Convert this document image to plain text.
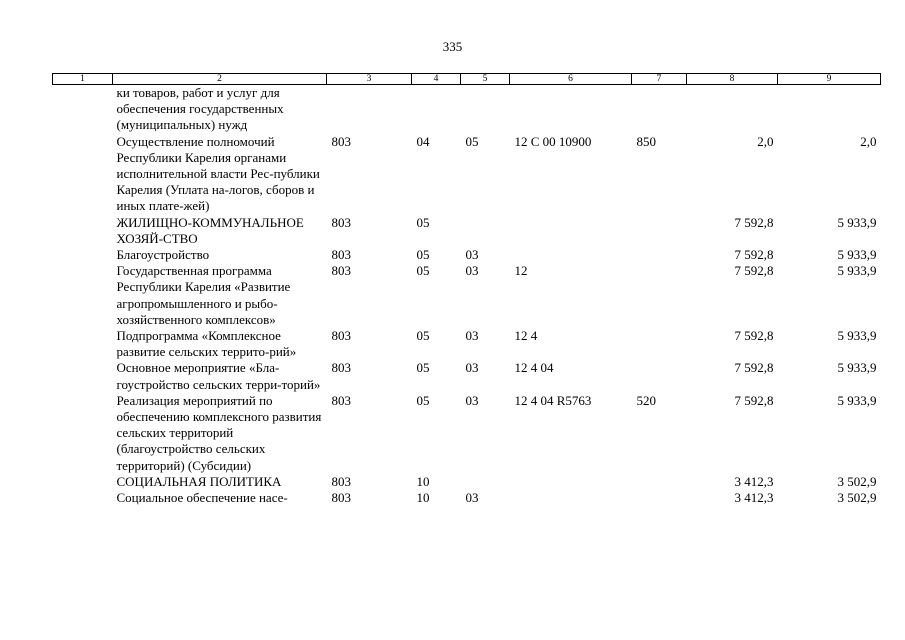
335
1	2	3	4	5	6	7	8	9
	ки товаров, работ и услуг для обеспечения государственных (муниципальных) нужд							
	Осуществление полномочий Республики Карелия органами исполнительной власти Рес-публики Карелия (Уплата на-логов, сборов и иных плате-жей)	803	04	05	12 С 00 10900	850	2,0	2,0
	ЖИЛИЩНО-КОММУНАЛЬНОЕ ХОЗЯЙ-СТВО	803	05				7 592,8	5 933,9
	Благоустройство	803	05	03			7 592,8	5 933,9
	Государственная программа Республики Карелия «Развитие агропромышленного и рыбо-хозяйственного комплексов»	803	05	03	12		7 592,8	5 933,9
	Подпрограмма «Комплексное развитие сельских террито-рий»	803	05	03	12 4		7 592,8	5 933,9
	Основное мероприятие «Бла-гоустройство сельских терри-торий»	803	05	03	12 4 04		7 592,8	5 933,9
	Реализация мероприятий по обеспечению комплексного развития сельских территорий (благоустройство сельских территорий) (Субсидии)	803	05	03	12 4 04 R5763	520	7 592,8	5 933,9
	СОЦИАЛЬНАЯ ПОЛИТИКА	803	10				3 412,3	3 502,9
	Социальное обеспечение насе-	803	10	03			3 412,3	3 502,9
